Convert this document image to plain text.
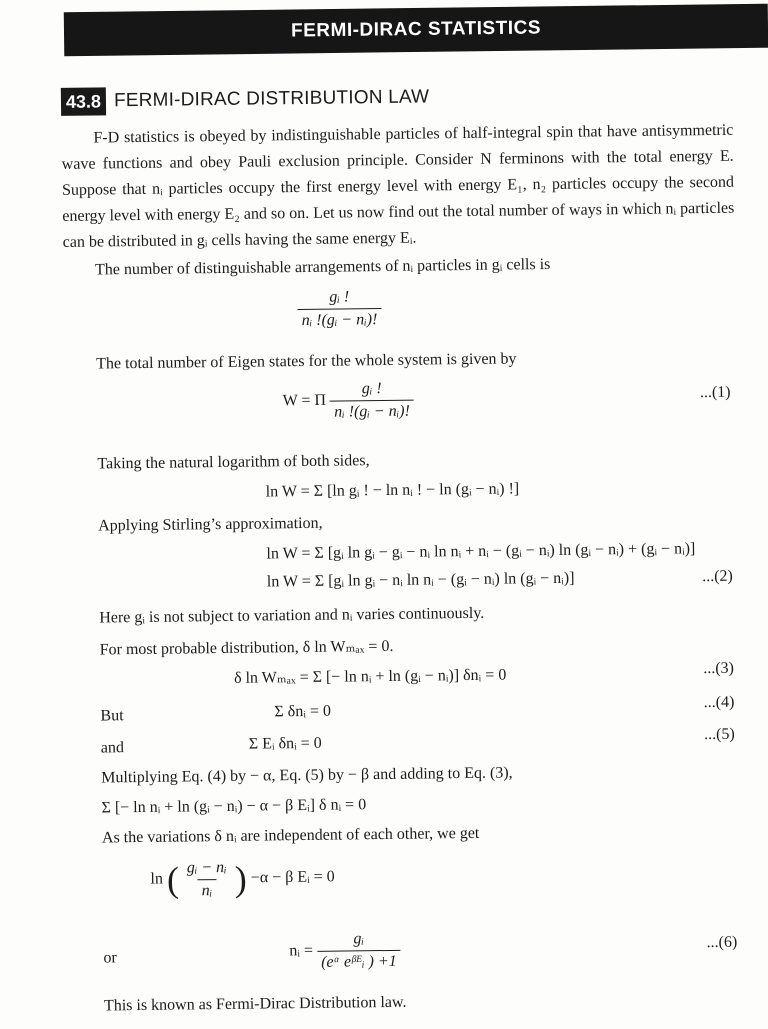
FERMI-DIRAC STATISTICS
43.8 FERMI-DIRAC DISTRIBUTION LAW

F-D statistics is obeyed by indistinguishable particles of half-integral spin that have antisymmetric wave functions and obey Pauli exclusion principle. Consider N ferminons with the total energy E. Suppose that nᵢ particles occupy the first energy level with energy E₁, n₂ particles occupy the second energy level with energy E₂ and so on. Let us now find out the total number of ways in which nᵢ particles can be distributed in gᵢ cells having the same energy Eᵢ.

The number of distinguishable arrangements of nᵢ particles in gᵢ cells is
$\frac{\text{gᵢ !}}{\text{nᵢ !(gᵢ − nᵢ)!}}$
The total number of Eigen states for the whole system is given by
W = Π $\frac{\text{gᵢ !}}{\text{nᵢ !(gᵢ − nᵢ)!}}$	...(1)
Taking the natural logarithm of both sides,
ln W = Σ [ln gᵢ ! − ln nᵢ ! − ln (gᵢ − nᵢ) !]
Applying Stirling’s approximation,
ln W = Σ [gᵢ ln gᵢ − gᵢ − nᵢ ln nᵢ + nᵢ − (gᵢ − nᵢ) ln (gᵢ − nᵢ) + (gᵢ − nᵢ)]
ln W = Σ [gᵢ ln gᵢ − nᵢ ln nᵢ − (gᵢ − nᵢ) ln (gᵢ − nᵢ)]	...(2)
Here gᵢ is not subject to variation and nᵢ varies continuously.
For most probable distribution, δ ln Wₘₐₓ = 0.
δ ln Wₘₐₓ = Σ [− ln nᵢ + ln (gᵢ − nᵢ)] δnᵢ = 0	...(3)
But	Σ δnᵢ = 0
...(4)
and	Σ Eᵢ δnᵢ = 0
...(5)
Multiplying Eq. (4) by − α, Eq. (5) by − β and adding to Eq. (3),
Σ [− ln nᵢ + ln (gᵢ − nᵢ) − α − β Eᵢ] δ nᵢ = 0
As the variations δ nᵢ are independent of each other, we get
ln ( $\frac{\text{gᵢ − nᵢ}}{\text{nᵢ}}$ ) −α − β Eᵢ = 0
or	nᵢ = $\frac{\text{gᵢ}}{\text{(eᵅ eᵝᴱᵢ ) +1}}$	...(6)
This is known as Fermi-Dirac Distribution law.
